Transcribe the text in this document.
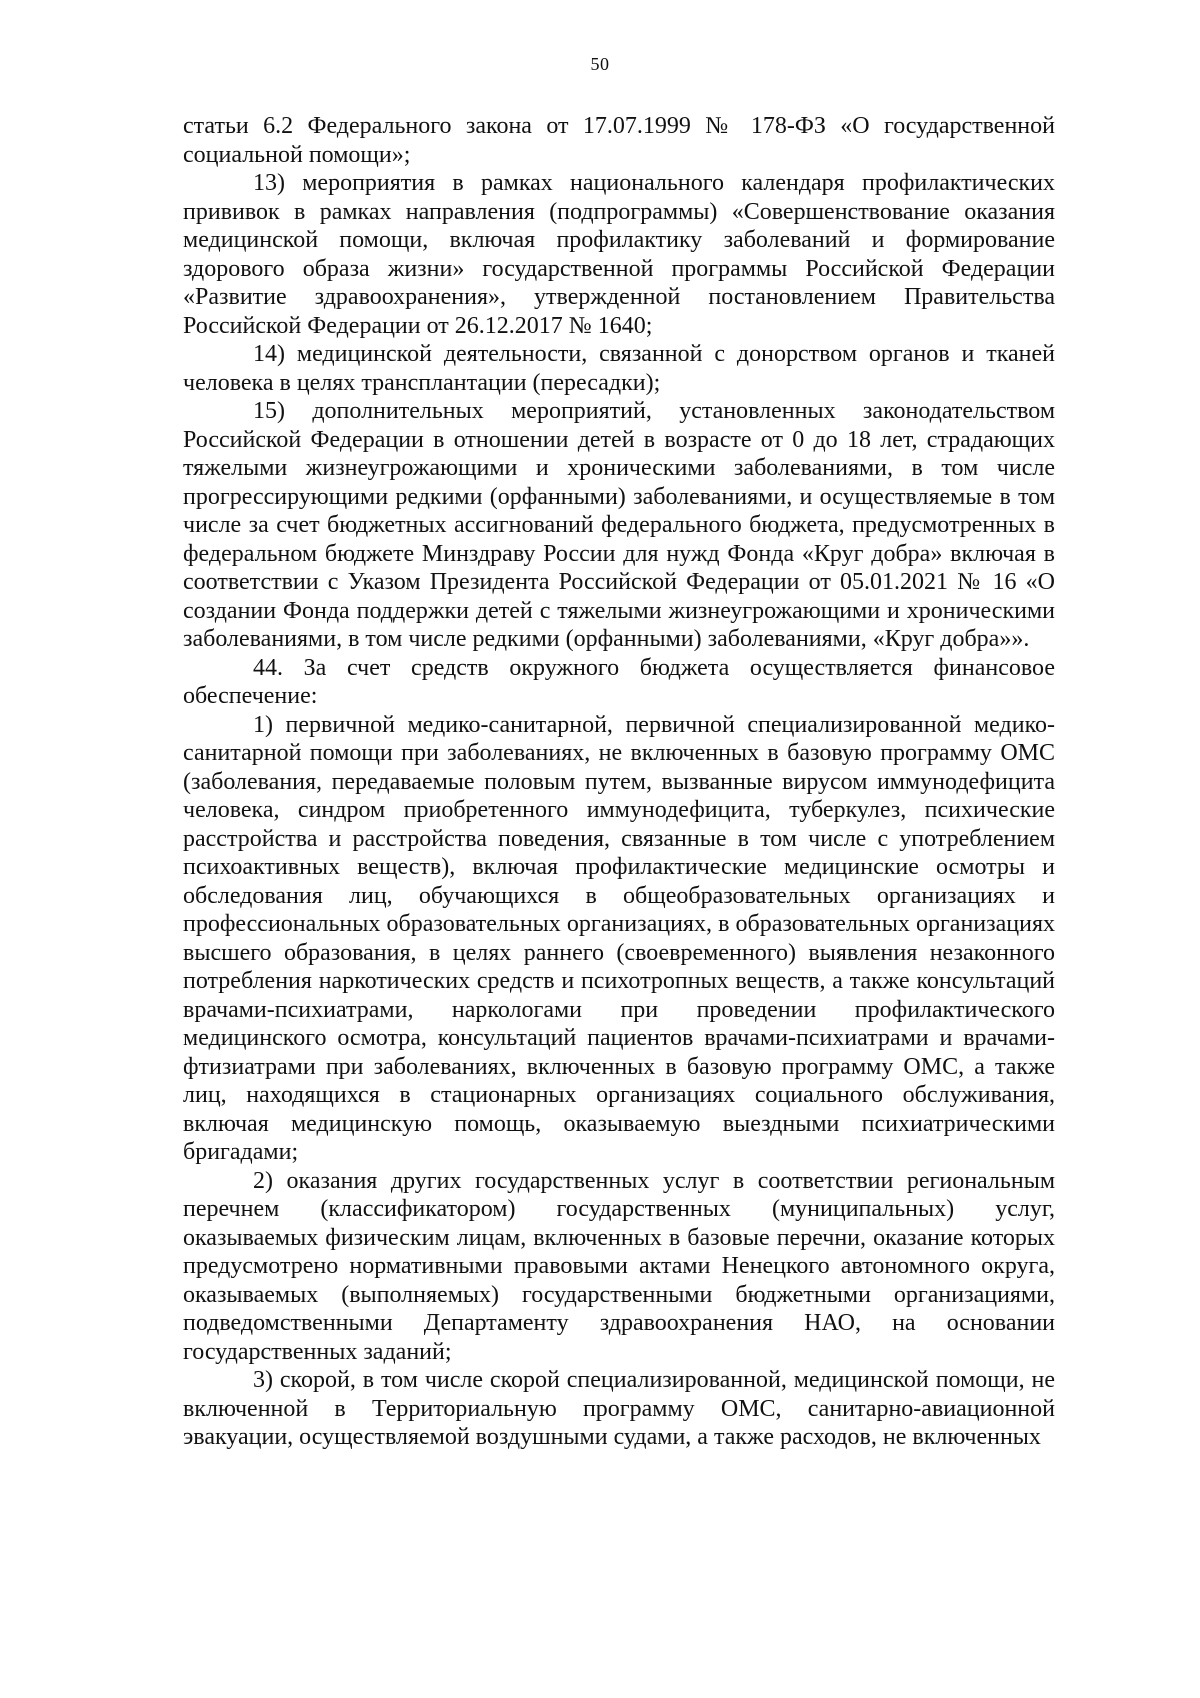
50

статьи 6.2 Федерального закона от 17.07.1999 № 178-ФЗ «О государственной социальной помощи»;

13) мероприятия в рамках национального календаря профилактических прививок в рамках направления (подпрограммы) «Совершенствование оказания медицинской помощи, включая профилактику заболеваний и формирование здорового образа жизни» государственной программы Российской Федерации «Развитие здравоохранения», утвержденной постановлением Правительства Российской Федерации от 26.12.2017 № 1640;

14) медицинской деятельности, связанной с донорством органов и тканей человека в целях трансплантации (пересадки);

15) дополнительных мероприятий, установленных законодательством Российской Федерации в отношении детей в возрасте от 0 до 18 лет, страдающих тяжелыми жизнеугрожающими и хроническими заболеваниями, в том числе прогрессирующими редкими (орфанными) заболеваниями, и осуществляемые в том числе за счет бюджетных ассигнований федерального бюджета, предусмотренных в федеральном бюджете Минздраву России для нужд Фонда «Круг добра» включая в соответствии с Указом Президента Российской Федерации от 05.01.2021 № 16 «О создании Фонда поддержки детей с тяжелыми жизнеугрожающими и хроническими заболеваниями, в том числе редкими (орфанными) заболеваниями, «Круг добра»».

44. За счет средств окружного бюджета осуществляется финансовое обеспечение:

1) первичной медико-санитарной, первичной специализированной медико-санитарной помощи при заболеваниях, не включенных в базовую программу ОМС (заболевания, передаваемые половым путем, вызванные вирусом иммунодефицита человека, синдром приобретенного иммунодефицита, туберкулез, психические расстройства и расстройства поведения, связанные в том числе с употреблением психоактивных веществ), включая профилактические медицинские осмотры и обследования лиц, обучающихся в общеобразовательных организациях и профессиональных образовательных организациях, в образовательных организациях высшего образования, в целях раннего (своевременного) выявления незаконного потребления наркотических средств и психотропных веществ, а также консультаций врачами-психиатрами, наркологами при проведении профилактического медицинского осмотра, консультаций пациентов врачами-психиатрами и врачами-фтизиатрами при заболеваниях, включенных в базовую программу ОМС, а также лиц, находящихся в стационарных организациях социального обслуживания, включая медицинскую помощь, оказываемую выездными психиатрическими бригадами;

2) оказания других государственных услуг в соответствии региональным перечнем (классификатором) государственных (муниципальных) услуг, оказываемых физическим лицам, включенных в базовые перечни, оказание которых предусмотрено нормативными правовыми актами Ненецкого автономного округа, оказываемых (выполняемых) государственными бюджетными организациями, подведомственными Департаменту здравоохранения НАО, на основании государственных заданий;

3) скорой, в том числе скорой специализированной, медицинской помощи, не включенной в Территориальную программу ОМС, санитарно-авиационной эвакуации, осуществляемой воздушными судами, а также расходов, не включенных
